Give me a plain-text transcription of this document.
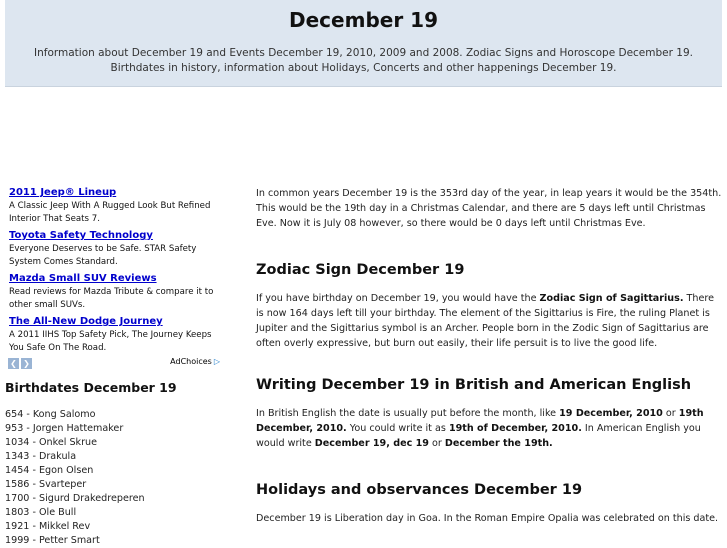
December 19

Information about December 19 and Events December 19, 2010, 2009 and 2008. Zodiac Signs and Horoscope December 19. Birthdates in history, information about Holidays, Concerts and other happenings December 19.

2011 Jeep® Lineup
A Classic Jeep With A Rugged Look But Refined Interior That Seats 7.
Toyota Safety Technology
Everyone Deserves to be Safe. STAR Safety System Comes Standard.
Mazda Small SUV Reviews
Read reviews for Mazda Tribute & compare it to other small SUVs.
The All-New Dodge Journey
A 2011 IIHS Top Safety Pick, The Journey Keeps You Safe On The Road.
❮ ❯	AdChoices ▷
Birthdates December 19
654 - Kong Salomo
953 - Jorgen Hattemaker
1034 - Onkel Skrue
1343 - Drakula
1454 - Egon Olsen
1586 - Svarteper
1700 - Sigurd Drakedreperen
1803 - Ole Bull
1921 - Mikkel Rev
1999 - Petter Smart

In common years December 19 is the 353rd day of the year, in leap years it would be the 354th. This would be the 19th day in a Christmas Calendar, and there are 5 days left until Christmas Eve. Now it is July 08 however, so there would be 0 days left until Christmas Eve.

Zodiac Sign December 19

If you have birthday on December 19, you would have the Zodiac Sign of Sagittarius. There is now 164 days left till your birthday. The element of the Sigittarius is Fire, the ruling Planet is Jupiter and the Sigittarius symbol is an Archer. People born in the Zodic Sign of Sagittarius are often overly expressive, but burn out easily, their life persuit is to live the good life.

Writing December 19 in British and American English

In British English the date is usually put before the month, like 19 December, 2010 or 19th December, 2010. You could write it as 19th of December, 2010. In American English you would write December 19, dec 19 or December the 19th.

Holidays and observances December 19

December 19 is Liberation day in Goa. In the Roman Empire Opalia was celebrated on this date.
